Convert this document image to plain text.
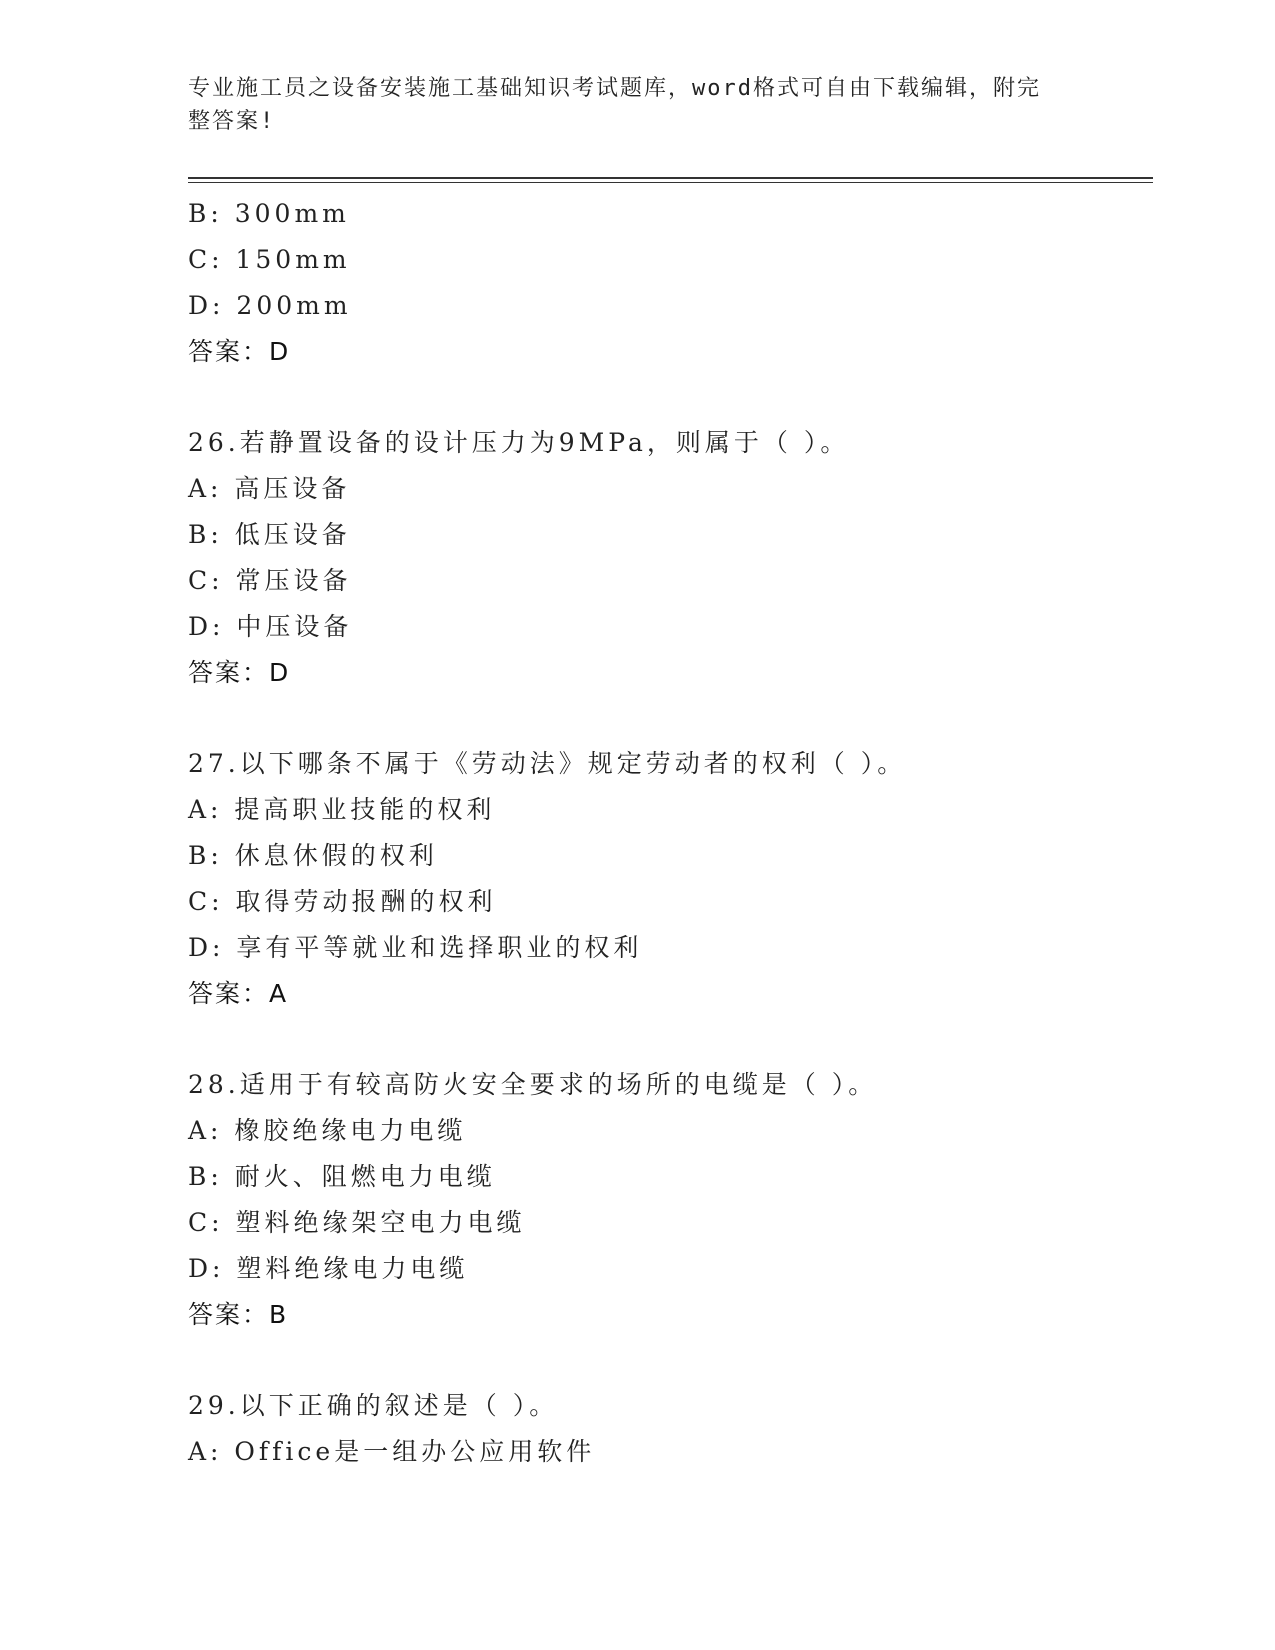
专业施工员之设备安装施工基础知识考试题库，word格式可自由下载编辑，附完
整答案!
B: 300mm
C: 150mm
D: 200mm
答案：D
26.若静置设备的设计压力为9MPa，则属于（ ）。
A: 高压设备
B: 低压设备
C: 常压设备
D: 中压设备
答案：D
27.以下哪条不属于《劳动法》规定劳动者的权利（ ）。
A: 提高职业技能的权利
B: 休息休假的权利
C: 取得劳动报酬的权利
D: 享有平等就业和选择职业的权利
答案：A
28.适用于有较高防火安全要求的场所的电缆是（ ）。
A: 橡胶绝缘电力电缆
B: 耐火、阻燃电力电缆
C: 塑料绝缘架空电力电缆
D: 塑料绝缘电力电缆
答案：B
29.以下正确的叙述是（ ）。
A: Office是一组办公应用软件
